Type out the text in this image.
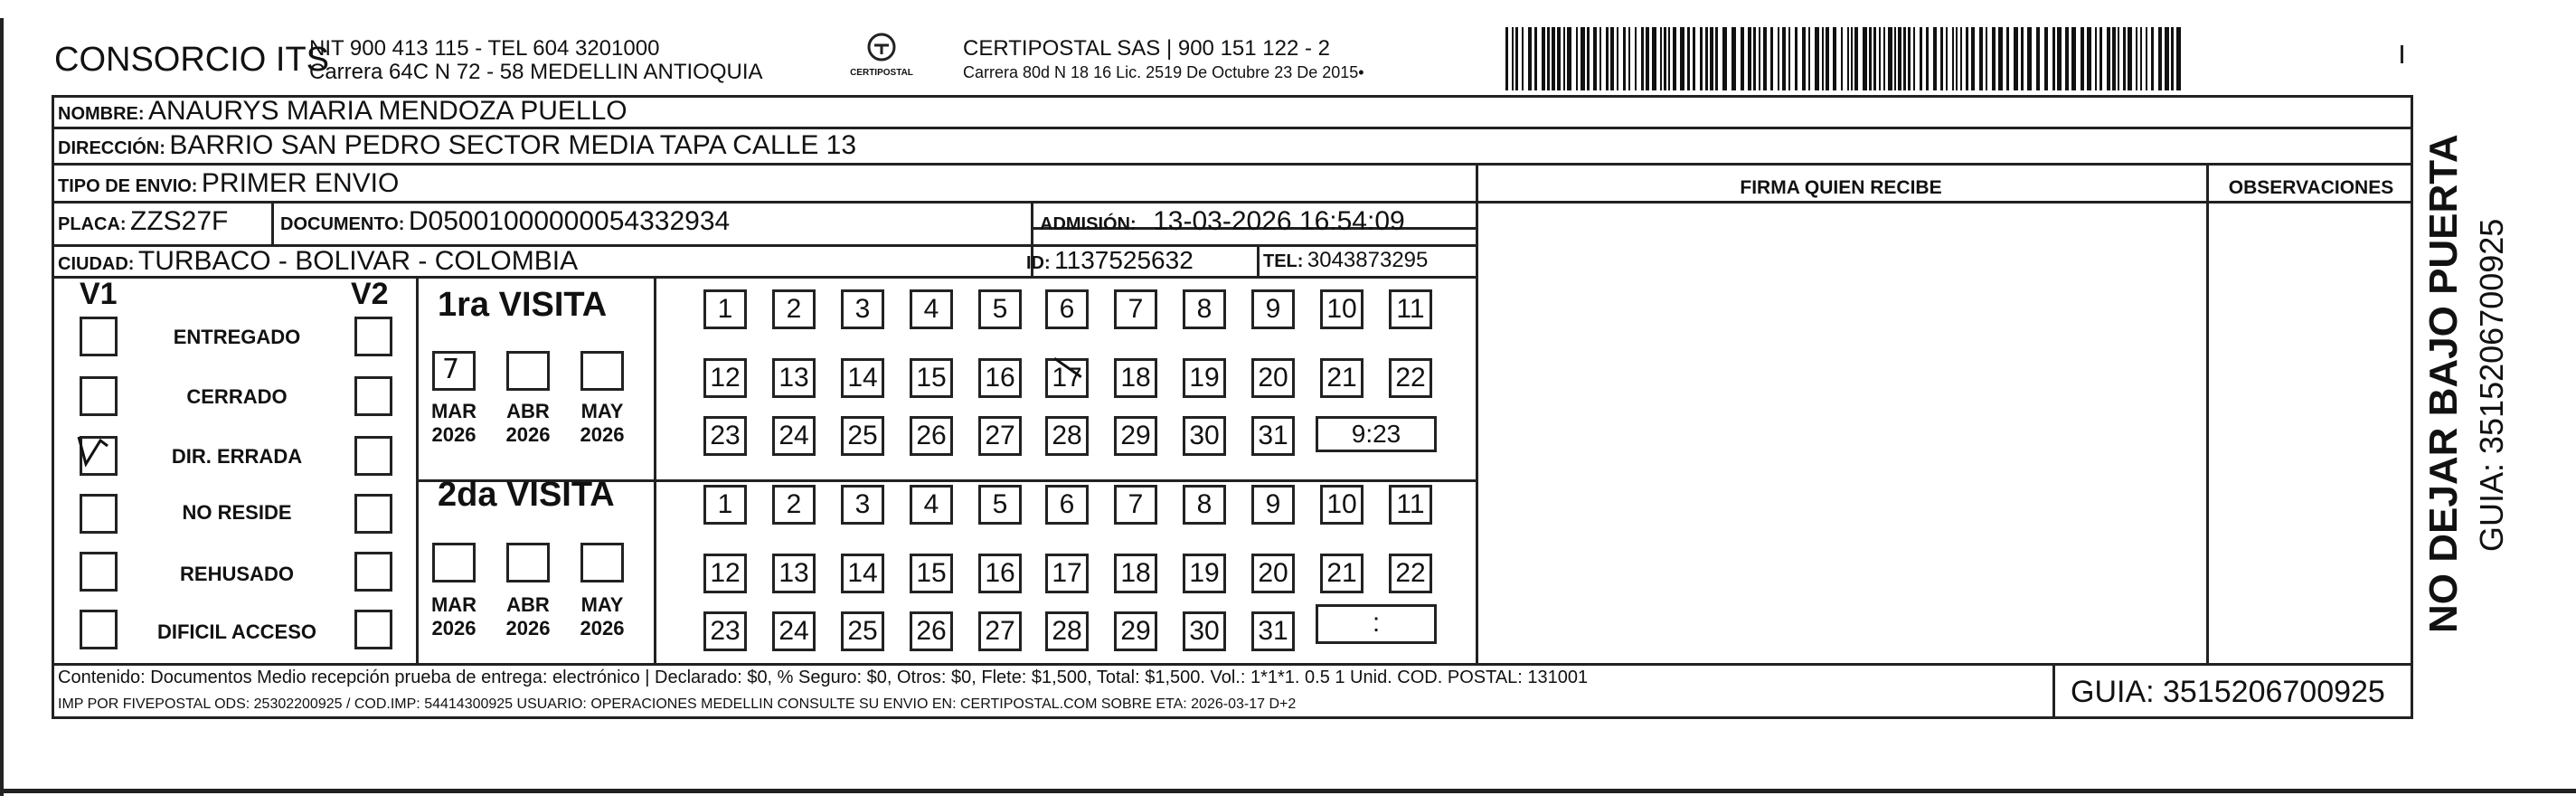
CONSORCIO ITS
NIT 900 413 115 - TEL 604 3201000
Carrera 64C N 72 - 58 MEDELLIN ANTIOQUIA	CERTIPOSTAL
CERTIPOSTAL SAS | 900 151 122 - 2
Carrera 80d N 18 16 Lic. 2519 De Octubre 23 De 2015•
NOMBRE: ANAURYS MARIA MENDOZA PUELLO
DIRECCIÓN: BARRIO SAN PEDRO SECTOR MEDIA TAPA CALLE 13
TIPO DE ENVIO: PRIMER ENVIO	FIRMA QUIEN RECIBE	OBSERVACIONES
PLACA: ZZS27F	DOCUMENTO: D05001000000054332934	ADMISIÓN: 13-03-2026 16:54:09
CIUDAD: TURBACO - BOLIVAR - COLOMBIA	ID: 1137525632	TEL: 3043873295
V1	V2
ENTREGADO
CERRADO
DIR. ERRADA
NO RESIDE
REHUSADO
DIFICIL ACCESO
1ra VISITA
7
MAR
2026
ABR
2026
MAY
2026
1	2	3	4	5	6	7	8	9	10 11
12 13 14 15 16 17 18 19 20 21 22
23 24 25 26 27 28 29 30 31	9:23
2da VISITA
MAR
2026
ABR
2026
MAY
2026
1	2	3	4	5	6	7	8	9	10 11
12 13 14 15 16 17 18 19 20 21 22
23 24 25 26 27 28 29 30 31	:
Contenido: Documentos Medio recepción prueba de entrega: electrónico | Declarado: $0, % Seguro: $0, Otros: $0, Flete: $1,500, Total: $1,500. Vol.: 1*1*1. 0.5 1 Unid. COD. POSTAL: 131001
IMP POR FIVEPOSTAL ODS: 25302200925 / COD.IMP: 54414300925 USUARIO: OPERACIONES MEDELLIN CONSULTE SU ENVIO EN: CERTIPOSTAL.COM SOBRE ETA: 2026-03-17 D+2	GUIA: 3515206700925
NO DEJAR BAJO PUERTA GUIA: 3515206700925
